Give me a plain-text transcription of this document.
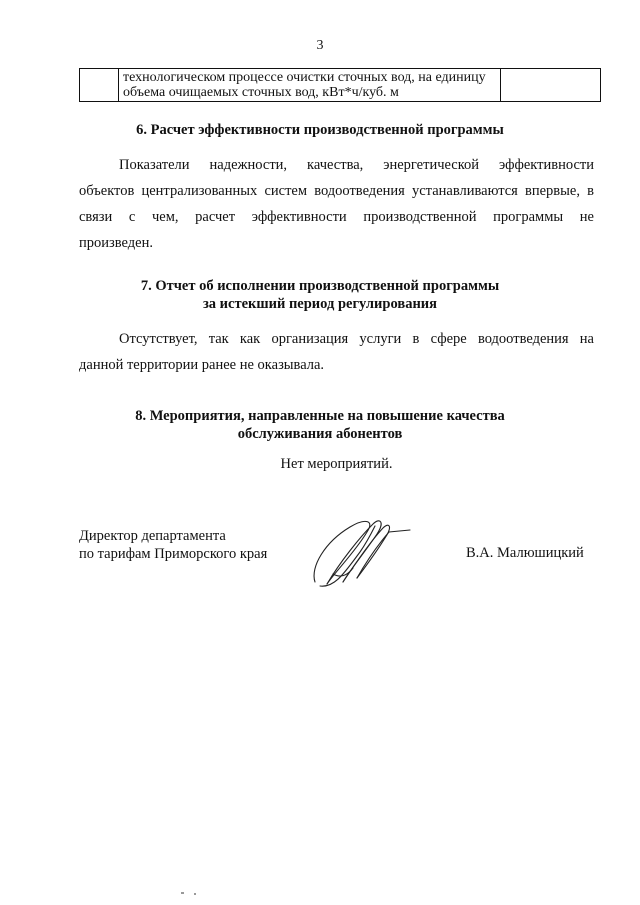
3
технологическом процессе очистки сточных вод, на единицу
объема очищаемых сточных вод, кВт*ч/куб. м
6. Расчет эффективности производственной программы
Показатели надежности, качества, энергетической эффективности
объектов централизованных систем водоотведения устанавливаются впервые, в
связи с чем, расчет эффективности производственной программы не
произведен.
7. Отчет об исполнении производственной программы
за истекший период регулирования
Отсутствует, так как организация услуги в сфере водоотведения на
данной территории ранее не оказывала.
8. Мероприятия, направленные на повышение качества
обслуживания абонентов
Нет мероприятий.
Директор департамента
по тарифам Приморского края	В.А. Малюшицкий
